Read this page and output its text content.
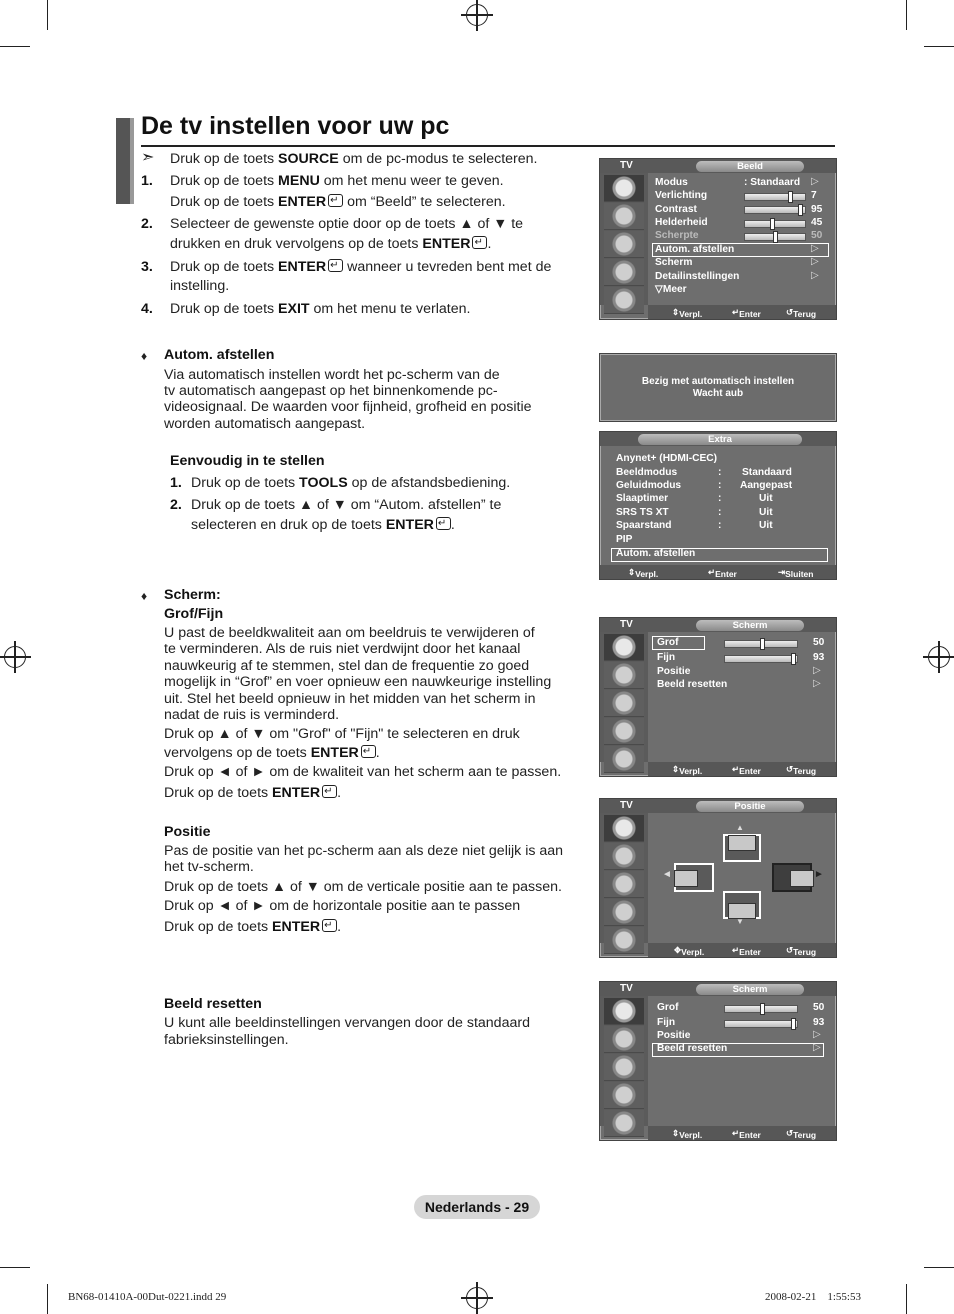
De tv instellen voor uw pc
➣ Druk op de toets SOURCE om de pc-modus te selecteren.
1. Druk op de toets MENU om het menu weer te geven.
Druk op de toets ENTER↵ om “Beeld” te selecteren.
2. Selecteer de gewenste optie door op de toets ▲ of ▼ te
drukken en druk vervolgens op de toets ENTER ↵ .
3. Druk op de toets ENTER↵ wanneer u tevreden bent met de
instelling.
4. Druk op de toets EXIT om het menu te verlaten.
♦ Autom. afstellen
Via automatisch instellen wordt het pc-scherm van de
tv automatisch aangepast op het binnenkomende pc-
videosignaal. De waarden voor fijnheid, grofheid en positie
worden automatisch aangepast.
Eenvoudig in te stellen
1. Druk op de toets TOOLS op de afstandsbediening.
2. Druk op de toets ▲ of ▼ om “Autom. afstellen” te
selecteren en druk op de toets ENTER ↵ .
♦ Scherm:
Grof/Fijn
U past de beeldkwaliteit aan om beeldruis te verwijderen of
te verminderen. Als de ruis niet verdwijnt door het kanaal
nauwkeurig af te stemmen, stel dan de frequentie zo goed
mogelijk in “Grof” en voer opnieuw een nauwkeurige instelling
uit. Stel het beeld opnieuw in het midden van het scherm in
nadat de ruis is verminderd.
Druk op ▲ of ▼ om "Grof" of "Fijn" te selecteren en druk
vervolgens op de toets ENTER ↵ .
Druk op ◄ of ► om de kwaliteit van het scherm aan te passen.
Druk op de toets ENTER ↵ .
Positie
Pas de positie van het pc-scherm aan als deze niet gelijk is aan
het tv-scherm.
Druk op de toets ▲ of ▼ om de verticale positie aan te passen.
Druk op ◄ of ► om de horizontale positie aan te passen
Druk op de toets ENTER ↵ .
Beeld resetten
U kunt alle beeldinstellingen vervangen door de standaard
fabrieksinstellingen.
TV	Beeld
Modus	: Standaard ▷
Verlichting	7
Contrast	95
Helderheid	45
Scherpte	50
Autom. afstellen	▷
Scherm	▷
Detailinstellingen	▷
▽Meer
⇕ Verpl.	↵ Enter	↺ Terug
Bezig met automatisch instellen
Wacht aub
Extra
Anynet+ (HDMI-CEC)
Beeldmodus	: Standaard
Geluidmodus	: Aangepast
Slaaptimer	:	Uit
SRS TS XT	:	Uit
Spaarstand	:	Uit
PIP
Autom. afstellen
⇕ Verpl.	↵ Enter	⇥ Sluiten
TV	Scherm
Grof	50
Fijn	93
Positie	▷
Beeld resetten	▷
⇕ Verpl.	↵ Enter	↺ Terug
TV	Positie
▲
◄	►
▼
✥ Verpl.	↵ Enter	↺ Terug
TV	Scherm
Grof	50
Fijn	93
Positie	▷
Beeld resetten	▷
⇕ Verpl.	↵ Enter	↺ Terug
Nederlands - 29
BN68-01410A-00Dut-0221.indd 29	2008-02-21    1:55:53
